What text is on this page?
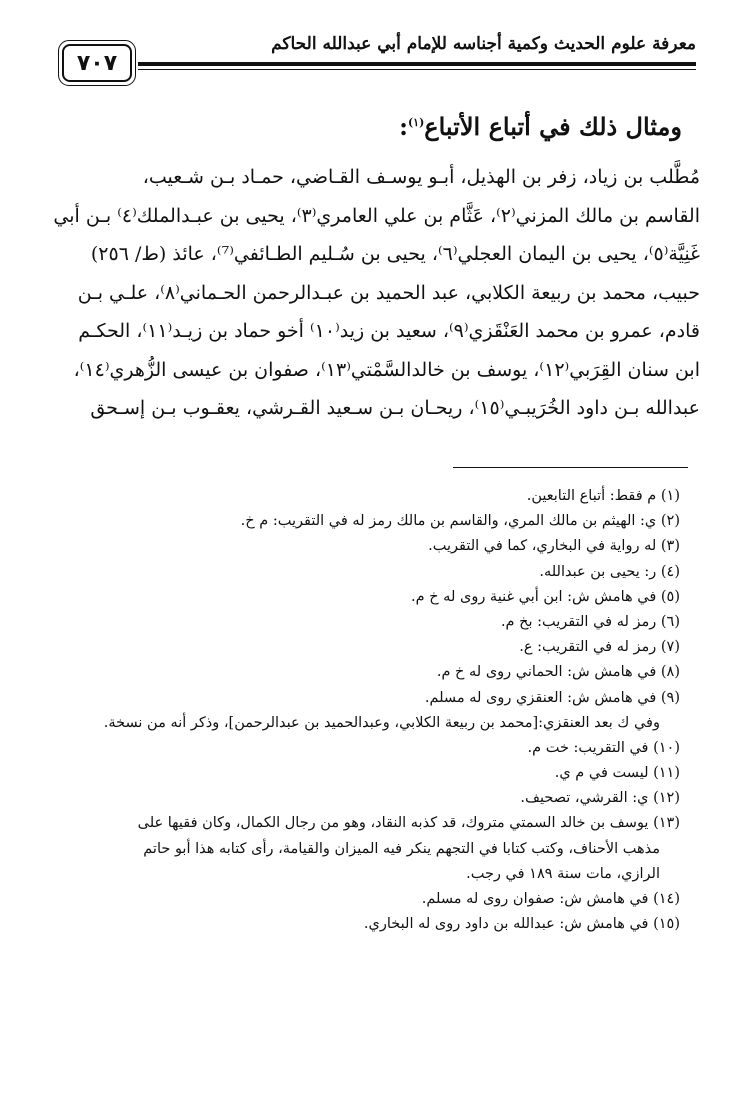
٧٠٧
معرفة علوم الحديث وكمية أجناسه للإمام أبي عبدالله الحاكم
ومثال ذلك في أتباع الأتباع$^{(١)}$:
مُطَّلب بن زياد، زفر بن الهذيل، أبـو يوسـف القـاضي، حمـاد بـن شـعيب،
القاسم بن مالك المزني⁽٢⁾، عَثَّام بن علي العامري⁽٣⁾، يحيى بن عبـدالملك⁽٤⁾ بـن أبي
غَنِيَّة⁽٥⁾، يحيى بن اليمان العجلي⁽٦⁾، يحيى بن سُـليم الطـائفي⁽⁷⁾، عائذ (ط/ ٢٥٦)
حبيب، محمد بن ربيعة الكلابي، عبد الحميد بن عبـدالرحمن الحـماني⁽٨⁾، علـي بـن
قادم، عمرو بن محمد العَنْقَزي⁽٩⁾، سعيد بن زيد⁽١٠⁾ أخو حماد بن زيـد⁽١١⁾، الحكـم
ابن سنان القِرَبي⁽١٢⁾، يوسف بن خالدالسَّمْتي⁽١٣⁾، صفوان بن عيسى الزُّهري⁽١٤⁾،
عبدالله بـن داود الخُرَيبـي⁽١٥⁾، ريحـان بـن سـعيد القـرشي، يعقـوب بـن إسـحق
(١) م فقط: أتباع التابعين.
(٢) ي: الهيثم بن مالك المري، والقاسم بن مالك رمز له في التقريب: م خ.
(٣) له رواية في البخاري، كما في التقريب.
(٤) ر: يحيى بن عبدالله.
(٥) في هامش ش: ابن أبي غنية روى له خ م.
(٦) رمز له في التقريب: بخ م.
(٧) رمز له في التقريب: ع.
(٨) في هامش ش: الحماني روى له خ م.
(٩) في هامش ش: العنقزي روى له مسلم.
وفي ك بعد العنقزي:[محمد بن ربيعة الكلابي، وعبدالحميد بن عبدالرحمن]، وذكر أنه من نسخة.
(١٠) في التقريب: خت م.
(١١) ليست في م ي.
(١٢) ي: القرشي، تصحيف.
(١٣) يوسف بن خالد السمتي متروك، قد كذبه النقاد، وهو من رجال الكمال، وكان فقيها على
مذهب الأحناف، وكتب كتابا في التجهم ينكر فيه الميزان والقيامة، رأى كتابه هذا أبو حاتم
الرازي، مات سنة ١٨٩ في رجب.
(١٤) في هامش ش: صفوان روى له مسلم.
(١٥) في هامش ش: عبدالله بن داود روى له البخاري.
